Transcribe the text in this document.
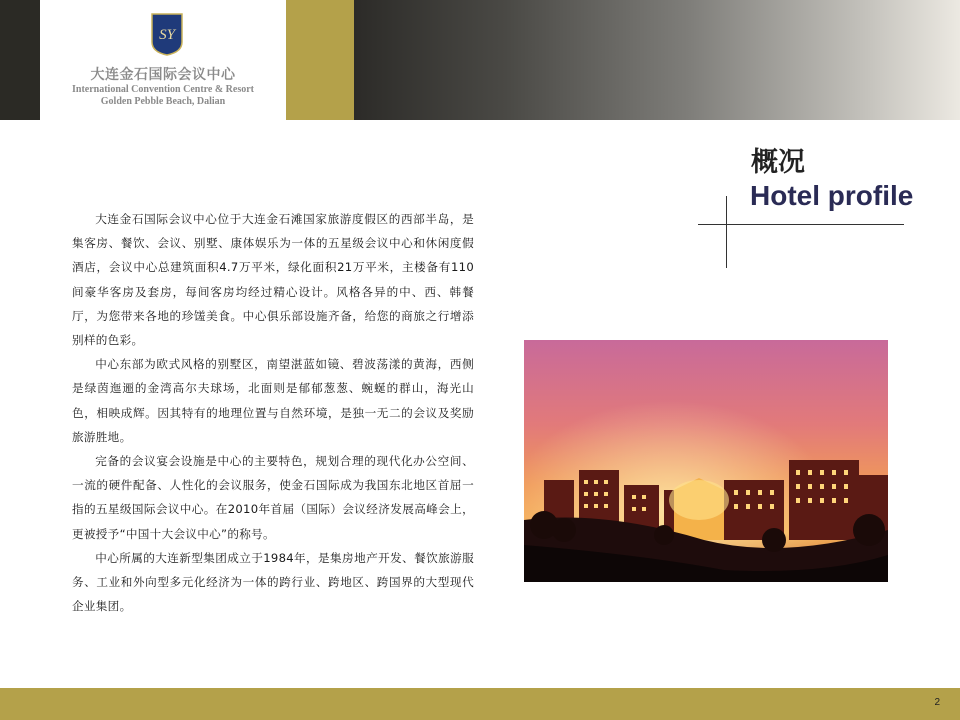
SY
大连金石国际会议中心
International Convention Centre & Resort
Golden Pebble Beach, Dalian
概况
Hotel profile

大连金石国际会议中心位于大连金石滩国家旅游度假区的西部半岛，是集客房、餐饮、会议、别墅、康体娱乐为一体的五星级会议中心和休闲度假酒店，会议中心总建筑面积4.7万平米，绿化面积21万平米，主楼备有110间豪华客房及套房，每间客房均经过精心设计。风格各异的中、西、韩餐厅，为您带来各地的珍馐美食。中心俱乐部设施齐备，给您的商旅之行增添别样的色彩。

中心东部为欧式风格的别墅区，南望湛蓝如镜、碧波荡漾的黄海，西侧是绿茵迤逦的金湾高尔夫球场，北面则是郁郁葱葱、蜿蜒的群山，海光山色，相映成辉。因其特有的地理位置与自然环境，是独一无二的会议及奖励旅游胜地。

完备的会议宴会设施是中心的主要特色，规划合理的现代化办公空间、一流的硬件配备、人性化的会议服务，使金石国际成为我国东北地区首屈一指的五星级国际会议中心。在2010年首届（国际）会议经济发展高峰会上，更被授予“中国十大会议中心”的称号。

中心所属的大连新型集团成立于1984年，是集房地产开发、餐饮旅游服务、工业和外向型多元化经济为一体的跨行业、跨地区、跨国界的大型现代企业集团。

2
